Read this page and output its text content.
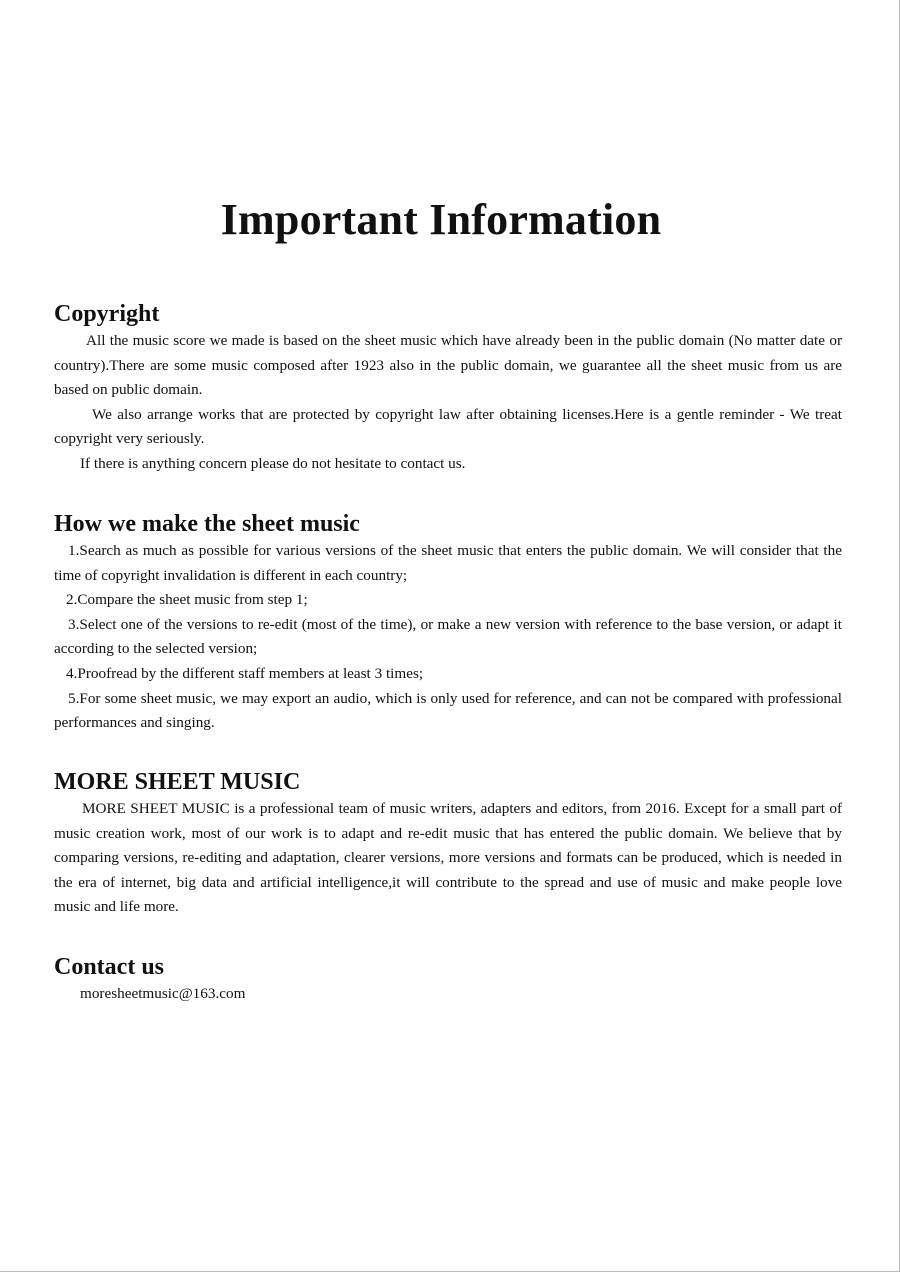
Important Information
Copyright

All the music score we made is based on the sheet music which have already been in the public domain (No matter date or country).There are some music composed after 1923 also in the public domain, we guarantee all the sheet music from us are based on public domain.

We also arrange works that are protected by copyright law after obtaining licenses.Here is a gentle reminder - We treat copyright very seriously.

If there is anything concern please do not hesitate to contact us.

How we make the sheet music

1.Search as much as possible for various versions of the sheet music that enters the public domain. We will consider that the time of copyright invalidation is different in each country;

2.Compare the sheet music from step 1;

3.Select one of the versions to re-edit (most of the time), or make a new version with reference to the base version, or adapt it according to the selected version;

4.Proofread by the different staff members at least 3 times;

5.For some sheet music, we may export an audio, which is only used for reference, and can not be compared with professional performances and singing.

MORE SHEET MUSIC

MORE SHEET MUSIC is a professional team of music writers, adapters and editors, from 2016. Except for a small part of music creation work, most of our work is to adapt and re-edit music that has entered the public domain. We believe that by comparing versions, re-editing and adaptation, clearer versions, more versions and formats can be produced, which is needed in the era of internet, big data and artificial intelligence,it will contribute to the spread and use of music and make people love music and life more.

Contact us

moresheetmusic@163.com
